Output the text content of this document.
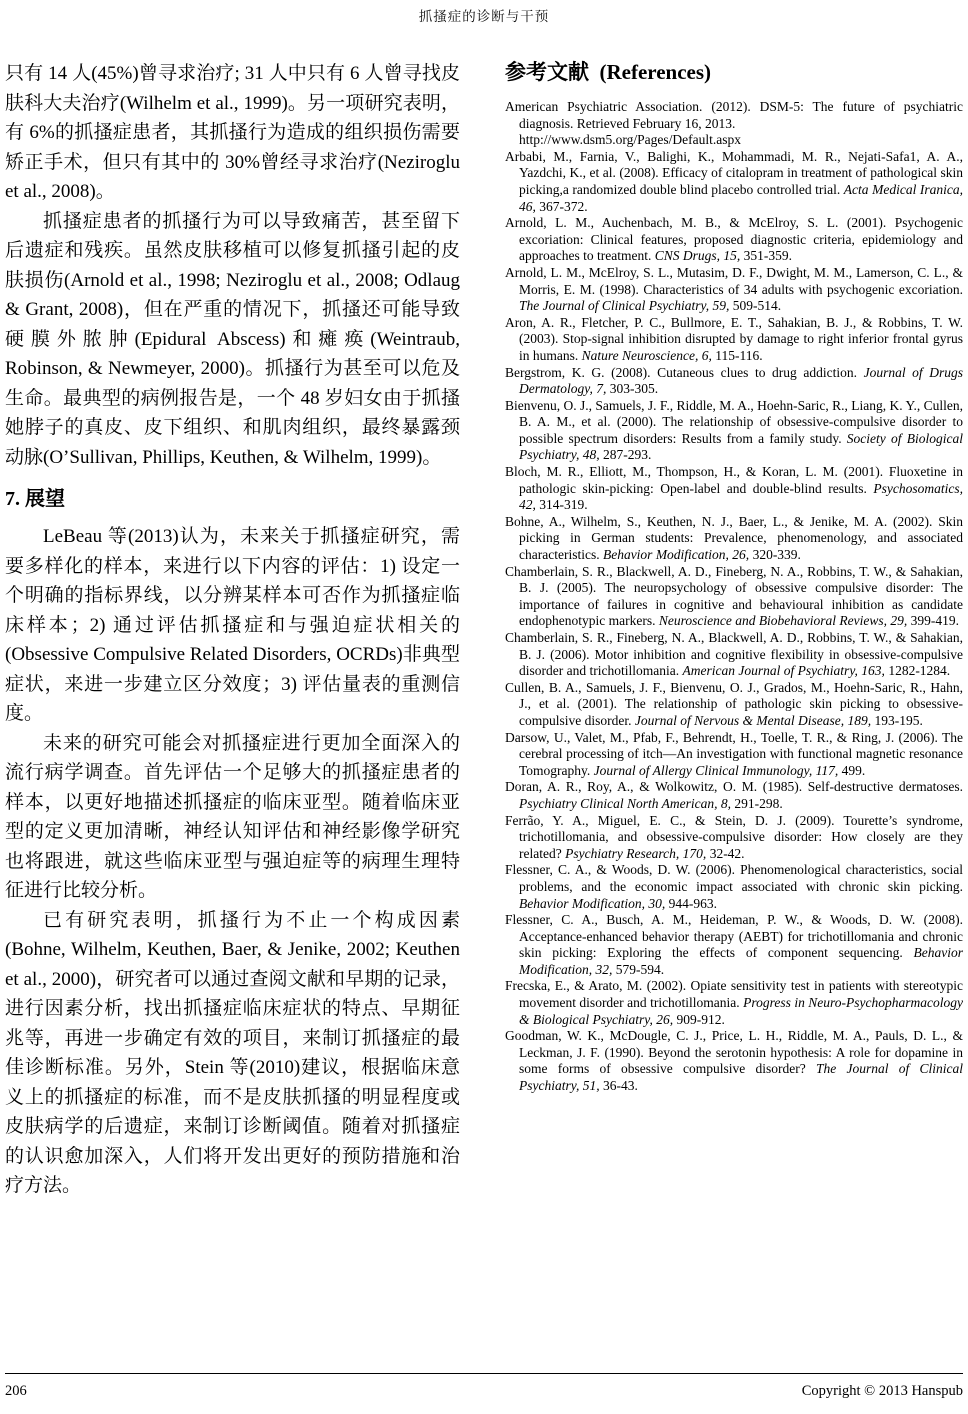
抓搔症的诊断与干预

只有 14 人(45%)曾寻求治疗; 31 人中只有 6 人曾寻找皮肤科大夫治疗(Wilhelm et al., 1999)。另一项研究表明，有 6%的抓搔症患者，其抓搔行为造成的组织损伤需要矫正手术，但只有其中的 30%曾经寻求治疗(Neziroglu et al., 2008)。

抓搔症患者的抓搔行为可以导致痛苦，甚至留下后遗症和残疾。虽然皮肤移植可以修复抓搔引起的皮肤损伤(Arnold et al., 1998; Neziroglu et al., 2008; Odlaug & Grant, 2008)，但在严重的情况下，抓搔还可能导致硬膜外脓肿(Epidural Abscess)和瘫痪(Weintraub, Robinson, & Newmeyer, 2000)。抓搔行为甚至可以危及生命。最典型的病例报告是，一个 48 岁妇女由于抓搔她脖子的真皮、皮下组织、和肌肉组织，最终暴露颈动脉(O’Sullivan, Phillips, Keuthen, & Wilhelm, 1999)。

7. 展望

LeBeau 等(2013)认为，未来关于抓搔症研究，需要多样化的样本，来进行以下内容的评估：1) 设定一个明确的指标界线，以分辨某样本可否作为抓搔症临床样本；2) 通过评估抓搔症和与强迫症状相关的(Obsessive Compulsive Related Disorders, OCRDs)非典型症状，来进一步建立区分效度；3) 评估量表的重测信度。

未来的研究可能会对抓搔症进行更加全面深入的流行病学调查。首先评估一个足够大的抓搔症患者的样本，以更好地描述抓搔症的临床亚型。随着临床亚型的定义更加清晰，神经认知评估和神经影像学研究也将跟进，就这些临床亚型与强迫症等的病理生理特征进行比较分析。

已有研究表明，抓搔行为不止一个构成因素(Bohne, Wilhelm, Keuthen, Baer, & Jenike, 2002; Keuthen et al., 2000)，研究者可以通过查阅文献和早期的记录，进行因素分析，找出抓搔症临床症状的特点、早期征兆等，再进一步确定有效的项目，来制订抓搔症的最佳诊断标准。另外，Stein 等(2010)建议，根据临床意义上的抓搔症的标准，而不是皮肤抓搔的明显程度或皮肤病学的后遗症，来制订诊断阈值。随着对抓搔症的认识愈加深入，人们将开发出更好的预防措施和治疗方法。

参考文献  (References)
American Psychiatric Association. (2012). DSM-5: The future of psychiatric diagnosis. Retrieved February 16, 2013.
http://www.dsm5.org/Pages/Default.aspx
Arbabi, M., Farnia, V., Balighi, K., Mohammadi, M. R., Nejati-Safa1, A. A., Yazdchi, K., et al. (2008). Efficacy of citalopram in treatment of pathological skin picking,a randomized double blind placebo controlled trial. Acta Medical Iranica, 46, 367-372.
Arnold, L. M., Auchenbach, M. B., & McElroy, S. L. (2001). Psychogenic excoriation: Clinical features, proposed diagnostic criteria, epidemiology and approaches to treatment. CNS Drugs, 15, 351-359.
Arnold, L. M., McElroy, S. L., Mutasim, D. F., Dwight, M. M., Lamerson, C. L., & Morris, E. M. (1998). Characteristics of 34 adults with psychogenic excoriation. The Journal of Clinical Psychiatry, 59, 509-514.
Aron, A. R., Fletcher, P. C., Bullmore, E. T., Sahakian, B. J., & Robbins, T. W. (2003). Stop-signal inhibition disrupted by damage to right inferior frontal gyrus in humans. Nature Neuroscience, 6, 115-116.
Bergstrom, K. G. (2008). Cutaneous clues to drug addiction. Journal of Drugs Dermatology, 7, 303-305.
Bienvenu, O. J., Samuels, J. F., Riddle, M. A., Hoehn-Saric, R., Liang, K. Y., Cullen, B. A. M., et al. (2000). The relationship of obsessive-compulsive disorder to possible spectrum disorders: Results from a family study. Society of Biological Psychiatry, 48, 287-293.
Bloch, M. R., Elliott, M., Thompson, H., & Koran, L. M. (2001). Fluoxetine in pathologic skin-picking: Open-label and double-blind results. Psychosomatics, 42, 314-319.
Bohne, A., Wilhelm, S., Keuthen, N. J., Baer, L., & Jenike, M. A. (2002). Skin picking in German students: Prevalence, phenomenology, and associated characteristics. Behavior Modification, 26, 320-339.
Chamberlain, S. R., Blackwell, A. D., Fineberg, N. A., Robbins, T. W., & Sahakian, B. J. (2005). The neuropsychology of obsessive compulsive disorder: The importance of failures in cognitive and behavioural inhibition as candidate endophenotypic markers. Neuroscience and Biobehavioral Reviews, 29, 399-419.
Chamberlain, S. R., Fineberg, N. A., Blackwell, A. D., Robbins, T. W., & Sahakian, B. J. (2006). Motor inhibition and cognitive flexibility in obsessive-compulsive disorder and trichotillomania. American Journal of Psychiatry, 163, 1282-1284.
Cullen, B. A., Samuels, J. F., Bienvenu, O. J., Grados, M., Hoehn-Saric, R., Hahn, J., et al. (2001). The relationship of pathologic skin picking to obsessive-compulsive disorder. Journal of Nervous & Mental Disease, 189, 193-195.
Darsow, U., Valet, M., Pfab, F., Behrendt, H., Toelle, T. R., & Ring, J. (2006). The cerebral processing of itch—An investigation with functional magnetic resonance Tomography. Journal of Allergy Clinical Immunology, 117, 499.
Doran, A. R., Roy, A., & Wolkowitz, O. M. (1985). Self-destructive dermatoses. Psychiatry Clinical North American, 8, 291-298.
Ferrão, Y. A., Miguel, E. C., & Stein, D. J. (2009). Tourette’s syndrome, trichotillomania, and obsessive-compulsive disorder: How closely are they related? Psychiatry Research, 170, 32-42.
Flessner, C. A., & Woods, D. W. (2006). Phenomenological characteristics, social problems, and the economic impact associated with chronic skin picking. Behavior Modification, 30, 944-963.
Flessner, C. A., Busch, A. M., Heideman, P. W., & Woods, D. W. (2008). Acceptance-enhanced behavior therapy (AEBT) for trichotillomania and chronic skin picking: Exploring the effects of component sequencing. Behavior Modification, 32, 579-594.
Frecska, E., & Arato, M. (2002). Opiate sensitivity test in patients with stereotypic movement disorder and trichotillomania. Progress in Neuro-Psychopharmacology & Biological Psychiatry, 26, 909-912.
Goodman, W. K., McDougle, C. J., Price, L. H., Riddle, M. A., Pauls, D. L., & Leckman, J. F. (1990). Beyond the serotonin hypothesis: A role for dopamine in some forms of obsessive compulsive disorder? The Journal of Clinical Psychiatry, 51, 36-43.
206	Copyright © 2013 Hanspub
